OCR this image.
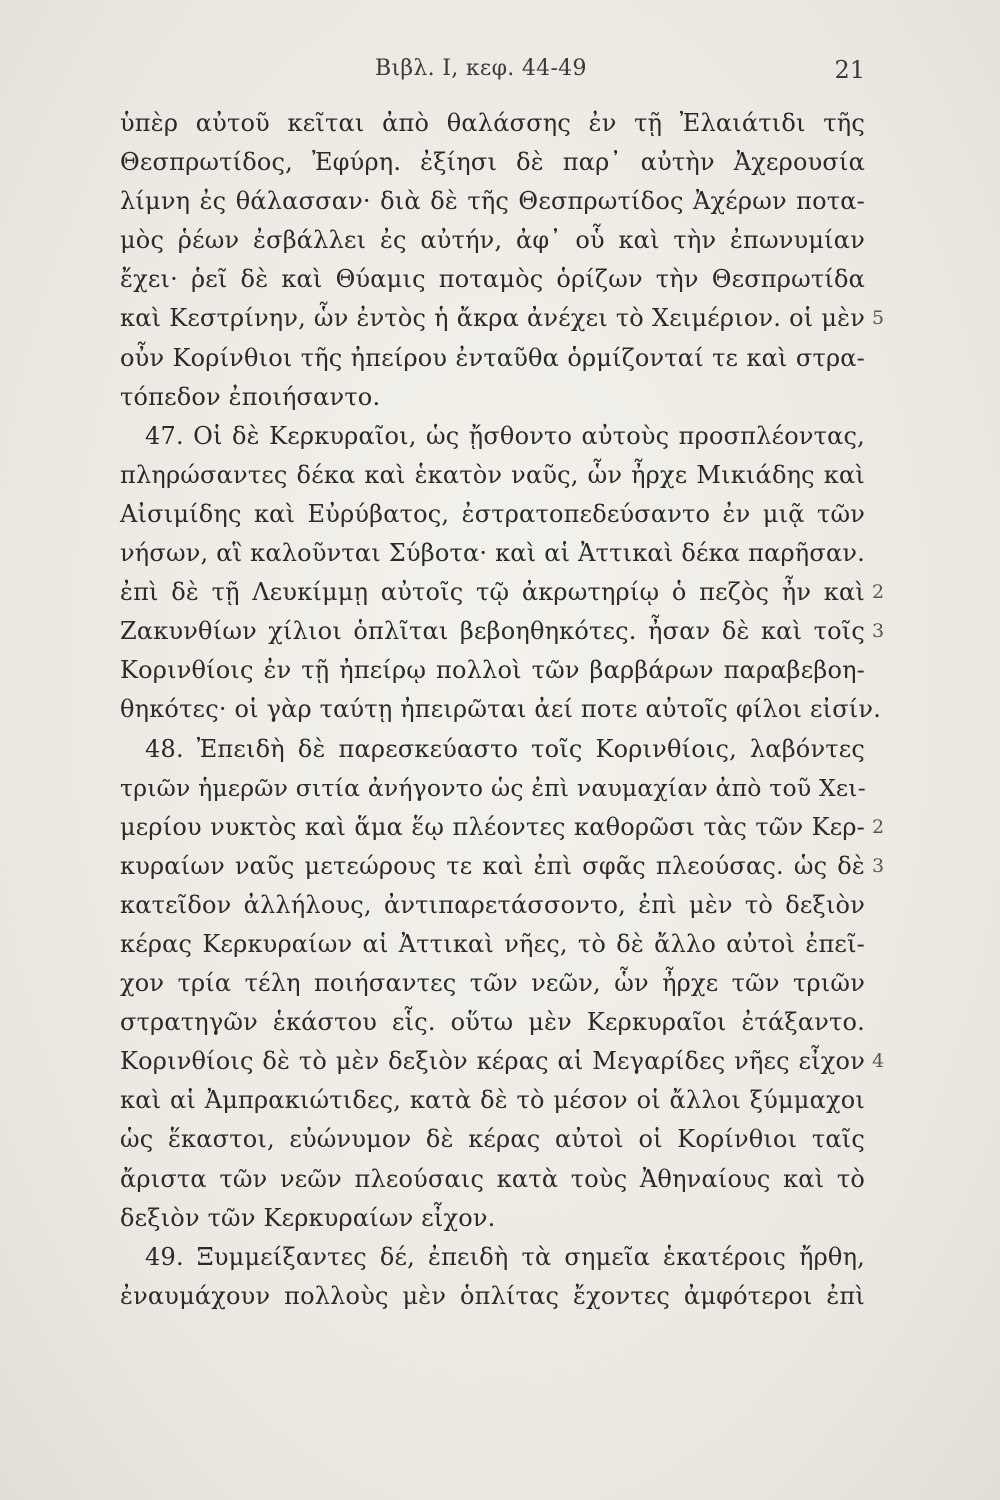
Βιβλ. Ι, κεφ. 44-49	21
ὑπὲρ αὐτοῦ κεῖται ἀπὸ θαλάσσης ἐν τῇ Ἐλαιάτιδι τῆς
Θεσπρωτίδος, Ἐφύρη. ἐξίησι δὲ παρ᾽ αὐτὴν Ἀχερουσία
λίμνη ἐς θάλασσαν· διὰ δὲ τῆς Θεσπρωτίδος Ἀχέρων ποτα-
μὸς ῥέων ἐσβάλλει ἐς αὐτήν, ἀφ᾽ οὗ καὶ τὴν ἐπωνυμίαν
ἔχει· ῥεῖ δὲ καὶ Θύαμις ποταμὸς ὁρίζων τὴν Θεσπρωτίδα
καὶ Κεστρίνην, ὧν ἐντὸς ἡ ἄκρα ἀνέχει τὸ Χειμέριον. οἱ μὲν 5
οὖν Κορίνθιοι τῆς ἠπείρου ἐνταῦθα ὁρμίζονταί τε καὶ στρα-
τόπεδον ἐποιήσαντο.
47. Οἱ δὲ Κερκυραῖοι, ὡς ᾔσθοντο αὐτοὺς προσπλέοντας,
πληρώσαντες δέκα καὶ ἑκατὸν ναῦς, ὧν ἦρχε Μικιάδης καὶ
Αἰσιμίδης καὶ Εὐρύβατος, ἐστρατοπεδεύσαντο ἐν μιᾷ τῶν
νήσων, αἳ καλοῦνται Σύβοτα· καὶ αἱ Ἀττικαὶ δέκα παρῆσαν.
ἐπὶ δὲ τῇ Λευκίμμῃ αὐτοῖς τῷ ἀκρωτηρίῳ ὁ πεζὸς ἦν καὶ 2
Ζακυνθίων χίλιοι ὁπλῖται βεβοηθηκότες. ἦσαν δὲ καὶ τοῖς 3
Κορινθίοις ἐν τῇ ἠπείρῳ πολλοὶ τῶν βαρβάρων παραβεβοη-
θηκότες· οἱ γὰρ ταύτῃ ἠπειρῶται ἀεί ποτε αὐτοῖς φίλοι εἰσίν.
48. Ἐπειδὴ δὲ παρεσκεύαστο τοῖς Κορινθίοις, λαβόντες
τριῶν ἡμερῶν σιτία ἀνήγοντο ὡς ἐπὶ ναυμαχίαν ἀπὸ τοῦ Χει-
μερίου νυκτὸς καὶ ἅμα ἕῳ πλέοντες καθορῶσι τὰς τῶν Κερ- 2
κυραίων ναῦς μετεώρους τε καὶ ἐπὶ σφᾶς πλεούσας. ὡς δὲ 3
κατεῖδον ἀλλήλους, ἀντιπαρετάσσοντο, ἐπὶ μὲν τὸ δεξιὸν
κέρας Κερκυραίων αἱ Ἀττικαὶ νῆες, τὸ δὲ ἄλλο αὐτοὶ ἐπεῖ-
χον τρία τέλη ποιήσαντες τῶν νεῶν, ὧν ἦρχε τῶν τριῶν
στρατηγῶν ἑκάστου εἷς. οὕτω μὲν Κερκυραῖοι ἐτάξαντο.
Κορινθίοις δὲ τὸ μὲν δεξιὸν κέρας αἱ Μεγαρίδες νῆες εἶχον 4
καὶ αἱ Ἀμπρακιώτιδες, κατὰ δὲ τὸ μέσον οἱ ἄλλοι ξύμμαχοι
ὡς ἕκαστοι, εὐώνυμον δὲ κέρας αὐτοὶ οἱ Κορίνθιοι ταῖς
ἄριστα τῶν νεῶν πλεούσαις κατὰ τοὺς Ἀθηναίους καὶ τὸ
δεξιὸν τῶν Κερκυραίων εἶχον.
49. Ξυμμείξαντες δέ, ἐπειδὴ τὰ σημεῖα ἑκατέροις ἤρθη,
ἐναυμάχουν πολλοὺς μὲν ὁπλίτας ἔχοντες ἀμφότεροι ἐπὶ
